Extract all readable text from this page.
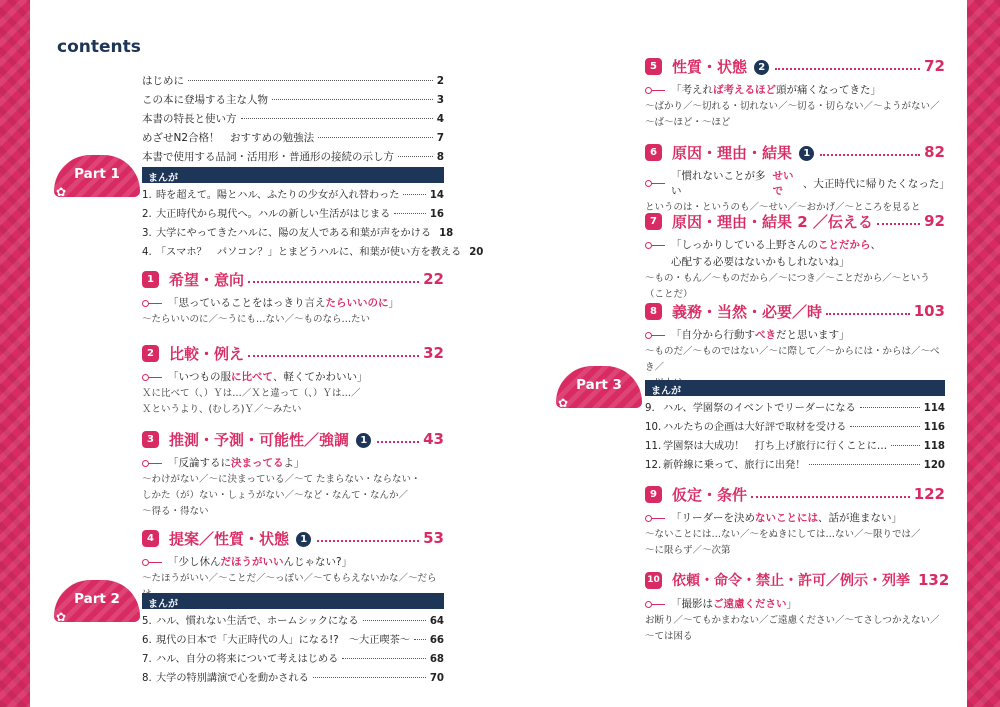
contents
はじめに	2
この本に登場する主な人物	3
本書の特長と使い方	4
めざせN2合格！　おすすめの勉強法	7
本書で使用する品詞・活用形・普通形の接続の示し方	8
Part 1
✿
まんが
1. 時を超えて。陽とハル、ふたりの少女が入れ替わった	14
2. 大正時代から現代へ。ハルの新しい生活がはじまる	16
3. 大学にやってきたハルに、陽の友人である和葉が声をかける 18
4. 「スマホ？　パソコン？」とまどうハルに、和葉が使い方を教える 20
1	希望・意向	22
「思っていることをはっきり言え たらいいのに 」
～たらいいのに／～うにも…ない／～ものなら…たい
2	比較・例え	32
「いつもの服 に比べて 、軽くてかわいい」
Ｘに比べて（、）Ｙは…／Ｘと違って（、）Ｙは…／
Ｘというより、(むしろ)Ｙ／～みたい
3	推測・予測・可能性／強調 1	43
「反論するに 決まってる よ」
～わけがない／～に決まっている／～て たまらない・ならない・
しかた（が）ない・しょうがない／～など・なんて・なんか／
～得る・得ない
4	提案／性質・状態 1	53
「少し休ん だほうがいい んじゃない?」
～たほうがいい／～ことだ／～っぽい／～てもらえないかな／～だら
Part 2
✿
まんが
5. ハル、慣れない生活で、ホームシックになる	64
6. 現代の日本で「大正時代の人」になる!?　～大正喫茶～ 66
7. ハル、自分の将来について考えはじめる	68
8. 大学の特別講演で心を動かされる	70
5	性質・状態 2	72
「考えれ ば考えるほど 頭が痛くなってきた」
～ばかり／～切れる・切れない／～切る・切らない／～ようがない／
～ば～ほど・～ほど
6	原因・理由・結果 1	82
「慣れないことが多い
せいで
、大正時代に帰りたくなった」
というのは・というのも／～せい／～おかげ／～ところを見ると
7	原因・理由・結果 2 ／伝える	92
「しっかりしている上野さんの ことだから 、
心配する必要はないかもしれないね」
～もの・もん／～ものだから／～につき／～ことだから／～という（ことだ）
8	義務・当然・必要／時	103
「自分から行動す べき だと思います」
～ものだ／～ものではない／～に際して／～からには・からは／～べき／
Part 3
✿
まんが
9. ハル、学園祭のイベントでリーダーになる	114
10. ハルたちの企画は大好評で取材を受ける	116
11. 学園祭は大成功！　打ち上げ旅行に行くことに…	118
12. 新幹線に乗って、旅行に出発！	120
9	仮定・条件	122
「リーダーを決め ないことには 、話が進まない」
～ないことには…ない／～をぬきにしては…ない／～限りでは／
～に限らず／～次第
10 依頼・命令・禁止・許可／例示・列挙 132
「撮影は ご遠慮ください 」
お断り／～てもかまわない／ご遠慮ください／～てさしつかえない／
～ては困る
